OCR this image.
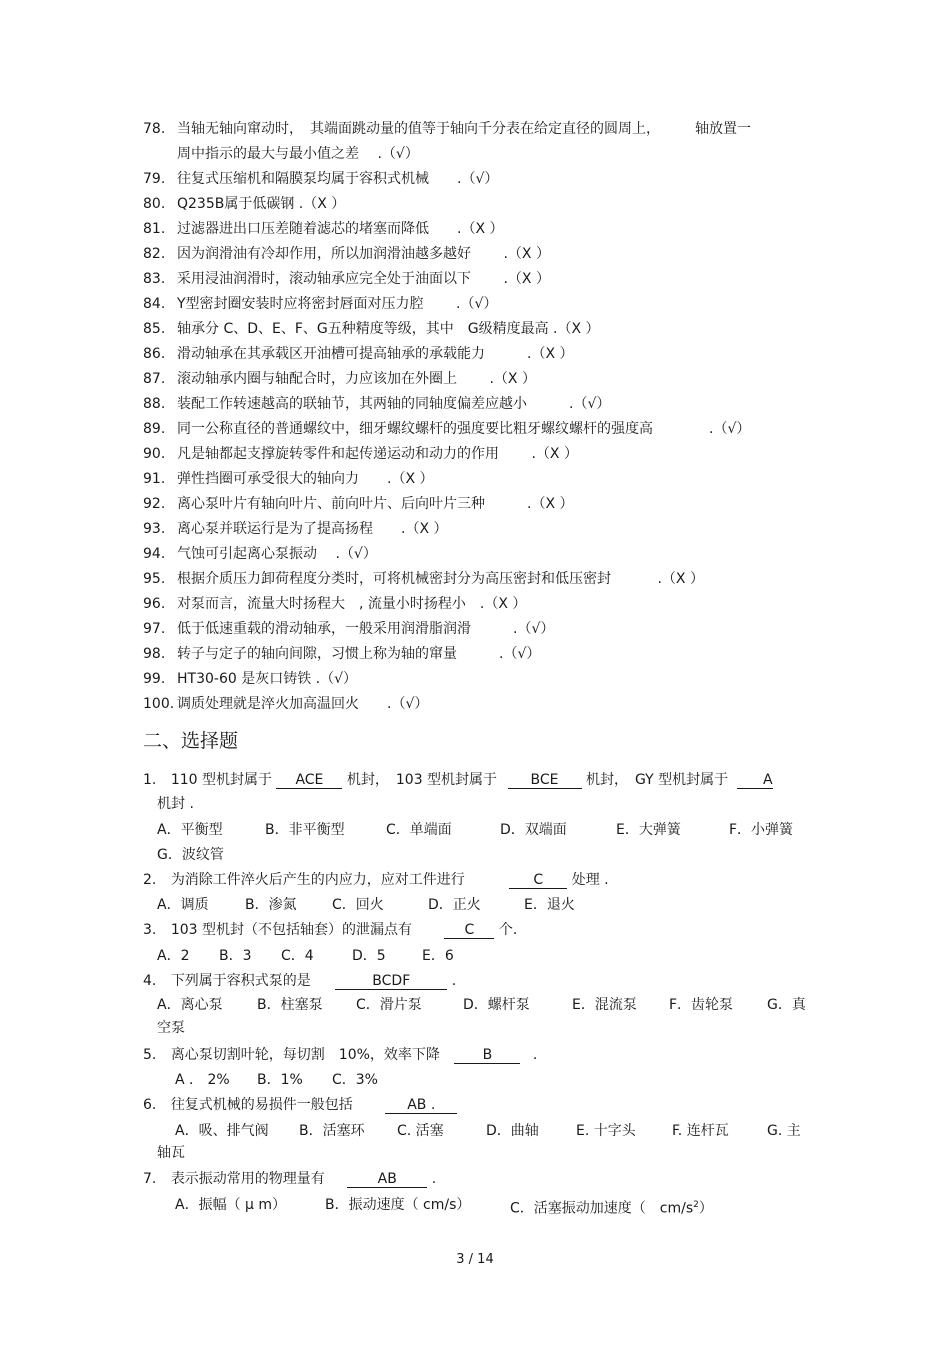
78. 当轴无轴向窜动时，　其端面跳动量的值等于轴向千分表在给定直径的圆周上，　　　轴放置一
周中指示的最大与最小值之差　 .（√）
79. 往复式压缩机和隔膜泵均属于容积式机械　　.（√）
80. Q235B属于低碳钢 .（X ）
81. 过滤器进出口压差随着滤芯的堵塞而降低　　.（X ）
82. 因为润滑油有冷却作用，所以加润滑油越多越好　　 .（X ）
83. 采用浸油润滑时，滚动轴承应完全处于油面以下　　 .（X ）
84. Y型密封圈安装时应将密封唇面对压力腔　　 .（√）
85. 轴承分 C、D、E、F、G五种精度等级，其中　G级精度最高 .（X ）
86. 滑动轴承在其承载区开油槽可提高轴承的承载能力　　　.（X ）
87. 滚动轴承内圈与轴配合时，力应该加在外圈上　　 .（X ）
88. 装配工作转速越高的联轴节，其两轴的同轴度偏差应越小　　　.（√）
89. 同一公称直径的普通螺纹中，细牙螺纹螺杆的强度要比粗牙螺纹螺杆的强度高　　　　.（√）
90. 凡是轴都起支撑旋转零件和起传递运动和动力的作用　　 .（X ）
91. 弹性挡圈可承受很大的轴向力　　.（X ）
92. 离心泵叶片有轴向叶片、前向叶片、后向叶片三种　　　.（X ）
93. 离心泵并联运行是为了提高扬程　　.（X ）
94. 气蚀可引起离心泵振动　 .（√）
95. 根据介质压力卸荷程度分类时，可将机械密封分为高压密封和低压密封　　　 .（X ）
96. 对泵而言，流量大时扬程大　, 流量小时扬程小　.（X ）
97. 低于低速重载的滑动轴承，一般采用润滑脂润滑　　　.（√）
98. 转子与定子的轴向间隙，习惯上称为轴的窜量　　　.（√）
99. HT30-60 是灰口铸铁 .（√）
100. 调质处理就是淬火加高温回火　　.（√）
二、选择题
1. 110 型机封属于 ACE 机封，　103 型机封属于 BCE 机封，　GY 型机封属于 A
机封 .
A．平衡型	B．非平衡型	C．单端面	D．双端面	E．大弹簧	F．小弹簧
G．波纹管
2. 为消除工件淬火后产生的内应力，应对工件进行	C 处理 .
A．调质	B．渗氮	C．回火	D．正火	E．退火
3. 103 型机封（不包括轴套）的泄漏点有	C 个.
A．2 B．3 C．4	D．5	E．6
4. 下列属于容积式泵的是	BCDF	.
A．离心泵 B．柱塞泵 C．滑片泵	D．螺杆泵	E．混流泵 F．齿轮泵 G．真
空泵
5. 离心泵切割叶轮，每切割　10%，效率下降	B	.
A ． 2% B．1% C．3%
6. 往复式机械的易损件一般包括	AB .
A．吸、排气阀 B．活塞环 C. 活塞	D．曲轴	E. 十字头	F. 连杆瓦	G. 主
轴瓦
7. 表示振动常用的物理量有	AB .
A．振幅（ μ m）	B．振动速度（ cm/s）	C．活塞振动加速度（　$cm/s^2$）
3 / 14
